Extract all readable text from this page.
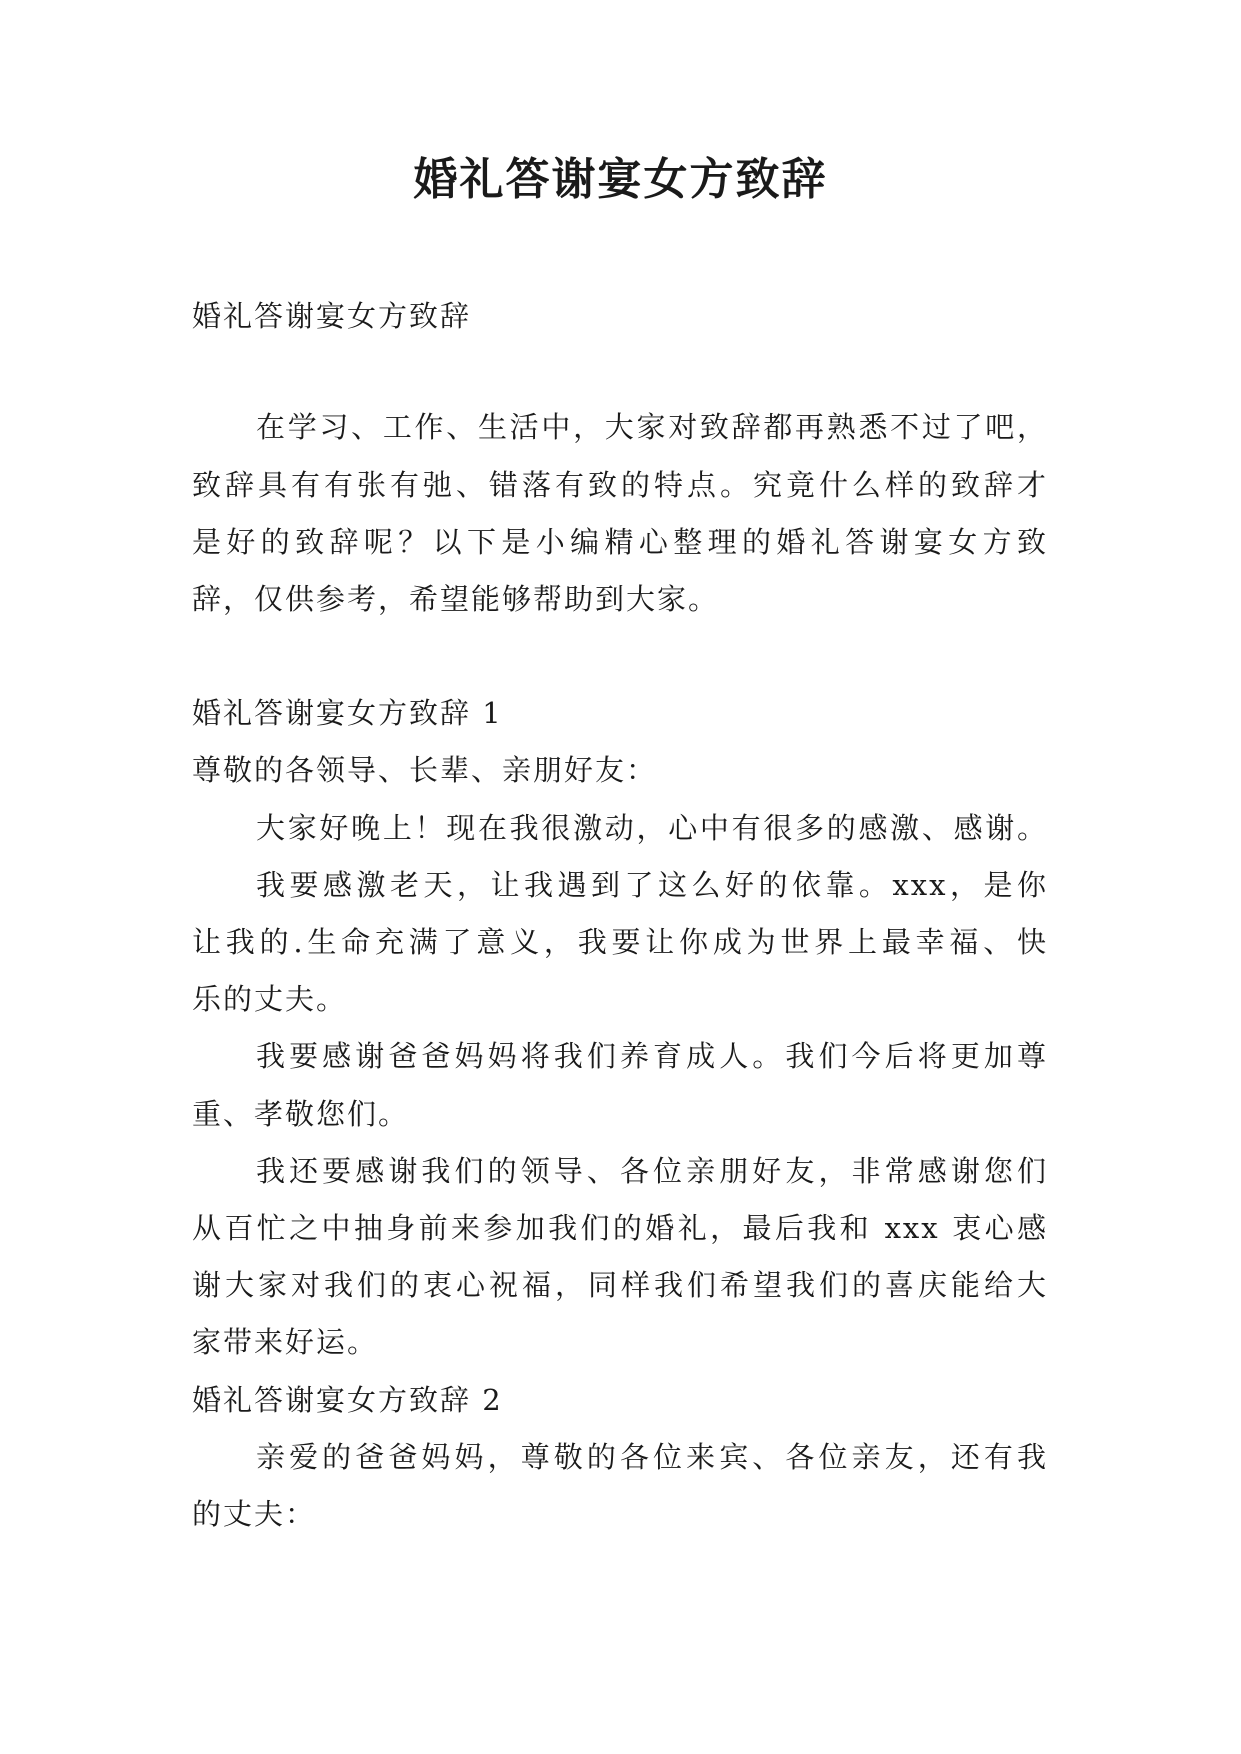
婚礼答谢宴女方致辞

婚礼答谢宴女方致辞

在学习、工作、生活中，大家对致辞都再熟悉不过了吧，

致辞具有有张有弛、错落有致的特点。究竟什么样的致辞才

是好的致辞呢？以下是小编精心整理的婚礼答谢宴女方致

辞，仅供参考，希望能够帮助到大家。

婚礼答谢宴女方致辞 1

尊敬的各领导、长辈、亲朋好友：

大家好晚上！现在我很激动，心中有很多的感激、感谢。

我要感激老天，让我遇到了这么好的依靠。xxx，是你

让我的.生命充满了意义，我要让你成为世界上最幸福、快

乐的丈夫。

我要感谢爸爸妈妈将我们养育成人。我们今后将更加尊

重、孝敬您们。

我还要感谢我们的领导、各位亲朋好友，非常感谢您们

从百忙之中抽身前来参加我们的婚礼，最后我和 xxx 衷心感

谢大家对我们的衷心祝福，同样我们希望我们的喜庆能给大

家带来好运。

婚礼答谢宴女方致辞 2

亲爱的爸爸妈妈，尊敬的各位来宾、各位亲友，还有我

的丈夫：
